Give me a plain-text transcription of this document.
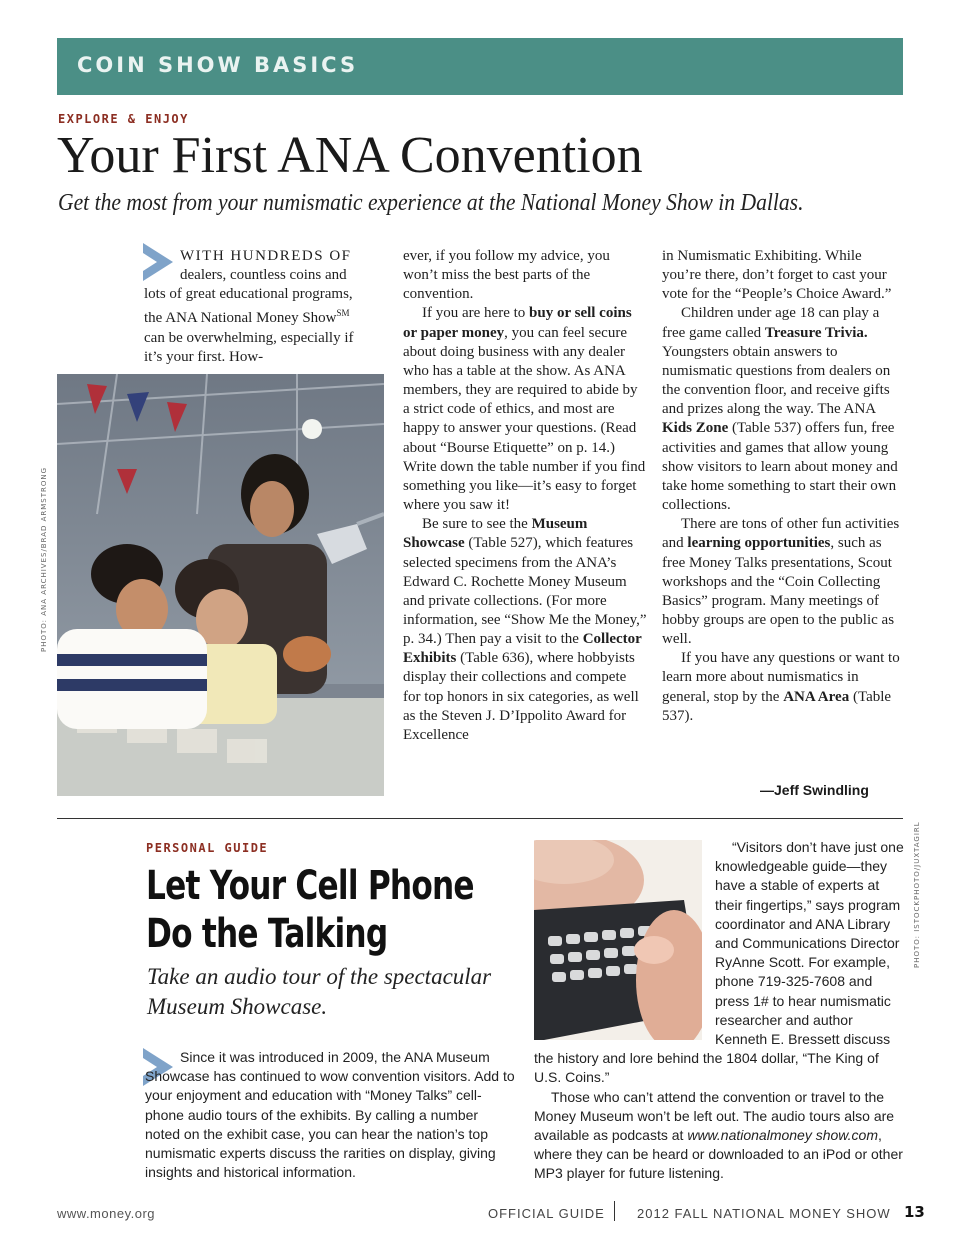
COIN SHOW BASICS
EXPLORE & ENJOY
Your First ANA Convention
Get the most from your numismatic experience at the National Money Show in Dallas.

WITH HUNDREDS OF

dealers, countless coins and lots of great educational programs, the ANA National Money Show℠ can be overwhelming, especially if it’s your first. How-

PHOTO: ANA ARCHIVES/BRAD ARMSTRONG

ever, if you follow my advice, you won’t miss the best parts of the convention.

If you are here to buy or sell coins or paper money, you can feel secure about doing business with any dealer who has a table at the show. As ANA members, they are required to abide by a strict code of ethics, and most are happy to answer your questions. (Read about “Bourse Etiquette” on p. 14.) Write down the table number if you find something you like—it’s easy to forget where you saw it!

Be sure to see the Museum Showcase (Table 527), which features selected specimens from the ANA’s Edward C. Rochette Money Museum and private collections. (For more information, see “Show Me the Money,” p. 34.) Then pay a visit to the Collector Exhibits (Table 636), where hobbyists display their collections and compete for top honors in six categories, as well as the Steven J. D’Ippolito Award for Excellence

in Numismatic Exhibiting. While you’re there, don’t forget to cast your vote for the “People’s Choice Award.”

Children under age 18 can play a free game called Treasure Trivia. Youngsters obtain answers to numismatic questions from dealers on the convention floor, and receive gifts and prizes along the way. The ANA Kids Zone (Table 537) offers fun, free activities and games that allow young show visitors to learn about money and take home something to start their own collections.

There are tons of other fun activities and learning opportunities, such as free Money Talks presentations, Scout workshops and the “Coin Collecting Basics” program. Many meetings of hobby groups are open to the public as well.

If you have any questions or want to learn more about numismatics in general, stop by the ANA Area (Table 537).

—Jeff Swindling
PERSONAL GUIDE
Let Your Cell Phone
Do the Talking
Take an audio tour of the spectacular Museum Showcase.

Since it was introduced in 2009, the ANA Museum Showcase has continued to wow convention visitors. Add to your enjoyment and education with “Money Talks” cell-phone audio tours of the exhibits. By calling a number noted on the exhibit case, you can hear the nation’s top numismatic experts discuss the rarities on display, giving insights and historical information.

PHOTO: ISTOCKPHOTO/JUXTAGIRL

“Visitors don’t have just one knowledgeable guide—they have a stable of experts at their fingertips,” says program coordinator and ANA Library and Communications Director RyAnne Scott. For example, phone 719-325-7608 and press 1# to hear numismatic researcher and author Kenneth E. Bressett discuss the history and lore behind the 1804 dollar, “The King of U.S. Coins.”

Those who can’t attend the convention or travel to the Money Museum won’t be left out. The audio tours also are available as podcasts at www.nationalmoney show.com, where they can be heard or downloaded to an iPod or other MP3 player for future listening.

www.money.org	OFFICIAL GUIDE 2012 FALL NATIONAL MONEY SHOW 13
